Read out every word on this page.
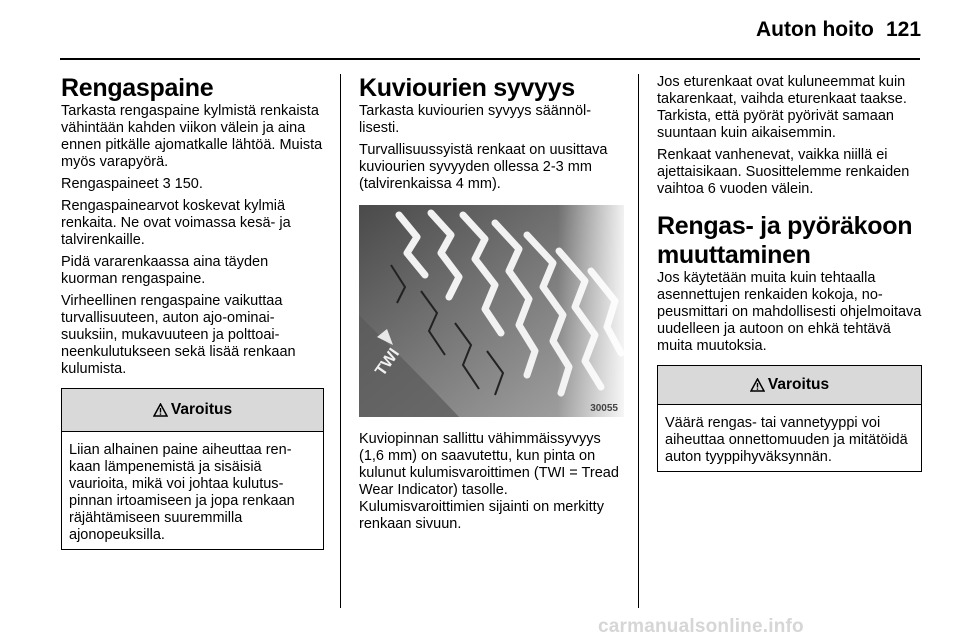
Auton hoito 121
Rengaspaine

Tarkasta rengaspaine kylmistä renkaista vähintään kahden viikon välein ja aina ennen pitkälle ajomatkalle lähtöä. Muista myös varapyörä.

Rengaspaineet 3 150.

Rengaspainearvot koskevat kylmiä renkaita. Ne ovat voimassa kesä- ja talvirenkaille.

Pidä vararenkaassa aina täyden kuorman rengaspaine.

Virheellinen rengaspaine vaikuttaa turvallisuuteen, auton ajo-ominaisuuksiin, mukavuuteen ja polttoaineenkulutukseen sekä lisää renkaan kulumista.

Varoitus

Liian alhainen paine aiheuttaa renkaan lämpenemistä ja sisäisiä vaurioita, mikä voi johtaa kulutuspinnan irtoamiseen ja jopa renkaan räjähtämiseen suuremmilla ajonopeuksilla.

Kuviourien syvyys

Tarkasta kuviourien syvyys säännöllisesti.

Turvallisuussyistä renkaat on uusittava kuviourien syvyyden ollessa 2-3 mm (talvirenkaissa 4 mm).

30055

Kuviopinnan sallittu vähimmäissyvyys (1,6 mm) on saavutettu, kun pinta on kulunut kulumisvaroittimen (TWI = Tread Wear Indicator) tasolle. Kulumisvaroittimien sijainti on merkitty renkaan sivuun.

Jos eturenkaat ovat kuluneemmat kuin takarenkaat, vaihda eturenkaat taakse. Tarkista, että pyörät pyörivät samaan suuntaan kuin aikaisemmin.

Renkaat vanhenevat, vaikka niillä ei ajettaisikaan. Suosittelemme renkaiden vaihtoa 6 vuoden välein.

Rengas- ja pyöräkoon muuttaminen

Jos käytetään muita kuin tehtaalla asennettujen renkaiden kokoja, nopeusmittari on mahdollisesti ohjelmoitava uudelleen ja autoon on ehkä tehtävä muita muutoksia.

Varoitus

Väärä rengas- tai vannetyyppi voi aiheuttaa onnettomuuden ja mitätöidä auton tyyppihyväksynnän.

carmanualsonline.info
